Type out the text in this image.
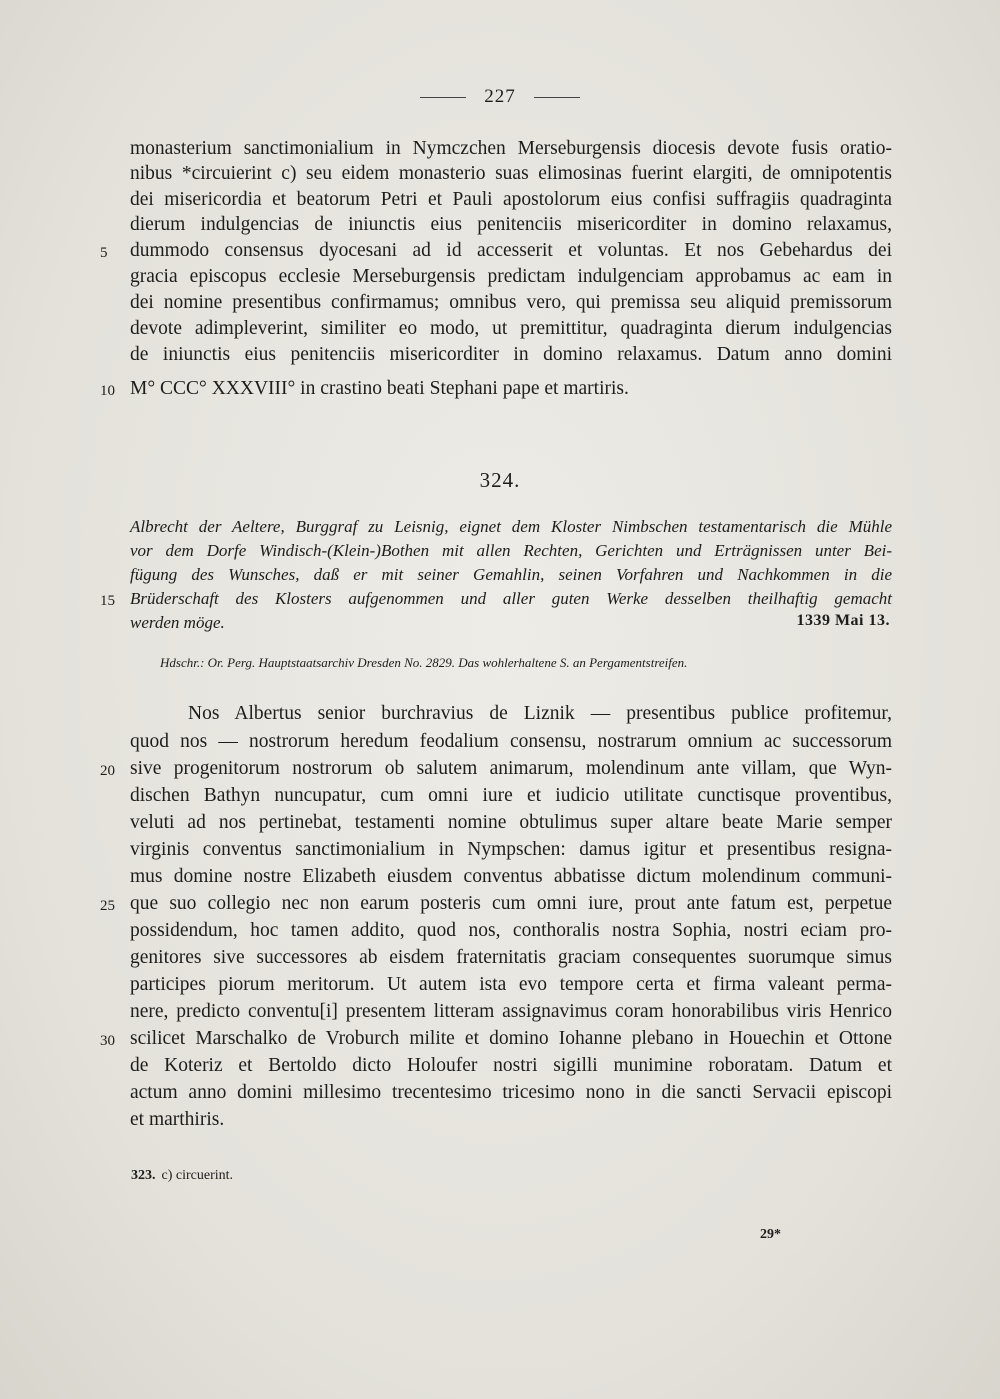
227
monasterium sanctimonialium in Nymczchen Merseburgensis diocesis devote fusis oratio-
nibus *circuierint c) seu eidem monasterio suas elimosinas fuerint elargiti, de omnipotentis
dei misericordia et beatorum Petri et Pauli apostolorum eius confisi suffragiis quadraginta
dierum indulgencias de iniunctis eius penitenciis misericorditer in domino relaxamus,
dummodo consensus dyocesani ad id accesserit et voluntas. Et nos Gebehardus dei
gracia episcopus ecclesie Merseburgensis predictam indulgenciam approbamus ac eam in
dei nomine presentibus confirmamus; omnibus vero, qui premissa seu aliquid premissorum
devote adimpleverint, similiter eo modo, ut premittitur, quadraginta dierum indulgencias
de iniunctis eius penitenciis misericorditer in domino relaxamus. Datum anno domini
M° CCC° XXXVIII° in crastino beati Stephani pape et martiris.
5
10
324.
Albrecht der Aeltere, Burggraf zu Leisnig, eignet dem Kloster Nimbschen testamentarisch die Mühle
vor dem Dorfe Windisch-(Klein-)Bothen mit allen Rechten, Gerichten und Erträgnissen unter Bei-
fügung des Wunsches, daß er mit seiner Gemahlin, seinen Vorfahren und Nachkommen in die
Brüderschaft des Klosters aufgenommen und aller guten Werke desselben theilhaftig gemacht
werden möge.
15
1339 Mai 13.
Hdschr.: Or. Perg. Hauptstaatsarchiv Dresden No. 2829. Das wohlerhaltene S. an Pergamentstreifen.
Nos Albertus senior burchravius de Liznik — presentibus publice profitemur,
quod nos — nostrorum heredum feodalium consensu, nostrarum omnium ac successorum
sive progenitorum nostrorum ob salutem animarum, molendinum ante villam, que Wyn-
dischen Bathyn nuncupatur, cum omni iure et iudicio utilitate cunctisque proventibus,
veluti ad nos pertinebat, testamenti nomine obtulimus super altare beate Marie semper
virginis conventus sanctimonialium in Nympschen: damus igitur et presentibus resigna-
mus domine nostre Elizabeth eiusdem conventus abbatisse dictum molendinum communi-
que suo collegio nec non earum posteris cum omni iure, prout ante fatum est, perpetue
possidendum, hoc tamen addito, quod nos, conthoralis nostra Sophia, nostri eciam pro-
genitores sive successores ab eisdem fraternitatis graciam consequentes suorumque simus
participes piorum meritorum. Ut autem ista evo tempore certa et firma valeant perma-
nere, predicto conventu[i] presentem litteram assignavimus coram honorabilibus viris Henrico
scilicet Marschalko de Vroburch milite et domino Iohanne plebano in Houechin et Ottone
de Koteriz et Bertoldo dicto Holoufer nostri sigilli munimine roboratam. Datum et
actum anno domini millesimo trecentesimo tricesimo nono in die sancti Servacii episcopi
et marthiris.
20
25
30
323. c) circuerint.
29*
